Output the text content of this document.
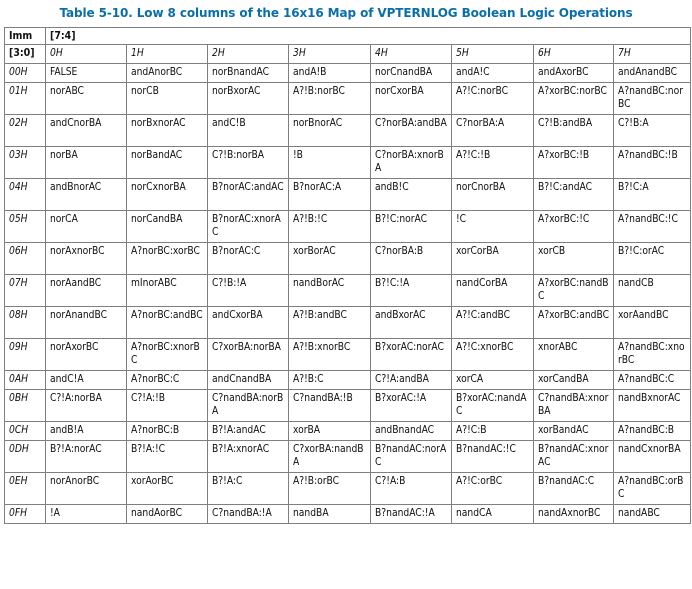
Table 5-10. Low 8 columns of the 16x16 Map of VPTERNLOG Boolean Logic Operations
Imm	[7:4]							
[3:0]	0H	1H	2H	3H	4H	5H	6H	7H
00H	FALSE	andAnorBC	norBnandAC	andA!B	norCnandBA	andA!C	andAxorBC	andAnandBC
01H	norABC	norCB	norBxorAC	A?!B:norBC	norCxorBA	A?!C:norBC	A?xorBC:norBC	A?nandBC:norBC
02H	andCnorBA	norBxnorAC	andC!B	norBnorAC	C?norBA:andBA	C?norBA:A	C?!B:andBA	C?!B:A
03H	norBA	norBandAC	C?!B:norBA	!B	C?norBA:xnorBA	A?!C:!B	A?xorBC:!B	A?nandBC:!B
04H	andBnorAC	norCxnorBA	B?norAC:andAC	B?norAC:A	andB!C	norCnorBA	B?!C:andAC	B?!C:A
05H	norCA	norCandBA	B?norAC:xnorAC	A?!B:!C	B?!C:norAC	!C	A?xorBC:!C	A?nandBC:!C
06H	norAxnorBC	A?norBC:xorBC	B?norAC:C	xorBorAC	C?norBA:B	xorCorBA	xorCB	B?!C:orAC
07H	norAandBC	mInorABC	C?!B:!A	nandBorAC	B?!C:!A	nandCorBA	A?xorBC:nandBC	nandCB
08H	norAnandBC	A?norBC:andBC	andCxorBA	A?!B:andBC	andBxorAC	A?!C:andBC	A?xorBC:andBC	xorAandBC
09H	norAxorBC	A?norBC:xnorBC	C?xorBA:norBA	A?!B:xnorBC	B?xorAC:norAC	A?!C:xnorBC	xnorABC	A?nandBC:xnorBC
0AH	andC!A	A?norBC:C	andCnandBA	A?!B:C	C?!A:andBA	xorCA	xorCandBA	A?nandBC:C
0BH	C?!A:norBA	C?!A:!B	C?nandBA:norBA	C?nandBA:!B	B?xorAC:!A	B?xorAC:nandAC	C?nandBA:xnorBA	nandBxnorAC
0CH	andB!A	A?norBC:B	B?!A:andAC	xorBA	andBnandAC	A?!C:B	xorBandAC	A?nandBC:B
0DH	B?!A:norAC	B?!A:!C	B?!A:xnorAC	C?xorBA:nandBA	B?nandAC:norAC	B?nandAC:!C	B?nandAC:xnorAC	nandCxnorBA
0EH	norAnorBC	xorAorBC	B?!A:C	A?!B:orBC	C?!A:B	A?!C:orBC	B?nandAC:C	A?nandBC:orBC
0FH	!A	nandAorBC	C?nandBA:!A	nandBA	B?nandAC:!A	nandCA	nandAxnorBC	nandABC
